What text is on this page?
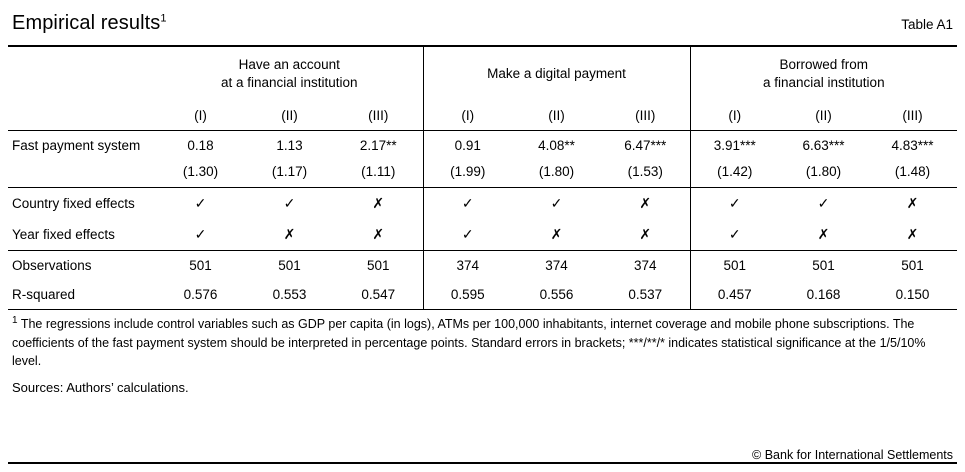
Empirical results$^1$	Table A1

Have an account
at a financial institution

Make a digital payment

Borrowed from
a financial institution

	(I)	(II)	(III)	(I)	(II)	(III)	(I)	(II)	(III)
Fast payment system	0.18	1.13	2.17**	0.91	4.08**	6.47***	3.91***	6.63***	4.83***
	(1.30)	(1.17)	(1.11)	(1.99)	(1.80)	(1.53)	(1.42)	(1.80)	(1.48)
Country fixed effects	✓	✓	✗	✓	✓	✗	✓	✓	✗
Year fixed effects	✓	✗	✗	✓	✗	✗	✓	✗	✗
Observations	501	501	501	374	374	374	501	501	501
R-squared	0.576	0.553	0.547	0.595	0.556	0.537	0.457	0.168	0.150
$^1$ The regressions include control variables such as GDP per capita (in logs), ATMs per 100,000 inhabitants, internet coverage and mobile phone subscriptions. The coefficients of the fast payment system should be interpreted in percentage points. Standard errors in brackets; ***/**/* indicates statistical significance at the 1/5/10% level.
Sources: Authors’ calculations.
© Bank for International Settlements
